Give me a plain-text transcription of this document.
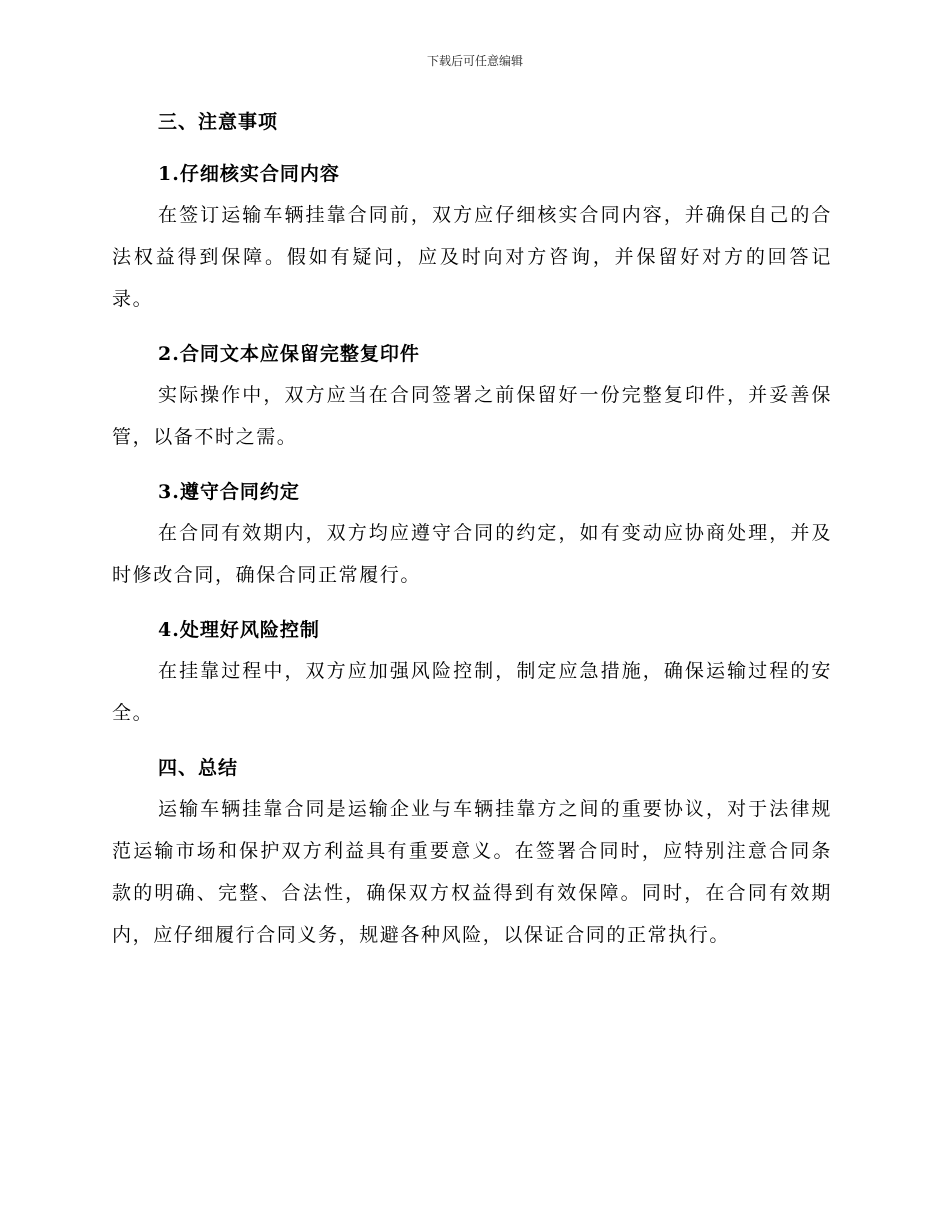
下载后可任意编辑

三、注意事项

1.仔细核实合同内容

在签订运输车辆挂靠合同前，双方应仔细核实合同内容，并确保自己的合法权益得到保障。假如有疑问，应及时向对方咨询，并保留好对方的回答记录。

2.合同文本应保留完整复印件

实际操作中，双方应当在合同签署之前保留好一份完整复印件，并妥善保管，以备不时之需。

3.遵守合同约定

在合同有效期内，双方均应遵守合同的约定，如有变动应协商处理，并及时修改合同，确保合同正常履行。

4.处理好风险控制

在挂靠过程中，双方应加强风险控制，制定应急措施，确保运输过程的安全。

四、总结

运输车辆挂靠合同是运输企业与车辆挂靠方之间的重要协议，对于法律规范运输市场和保护双方利益具有重要意义。在签署合同时，应特别注意合同条款的明确、完整、合法性，确保双方权益得到有效保障。同时，在合同有效期内，应仔细履行合同义务，规避各种风险，以保证合同的正常执行。
